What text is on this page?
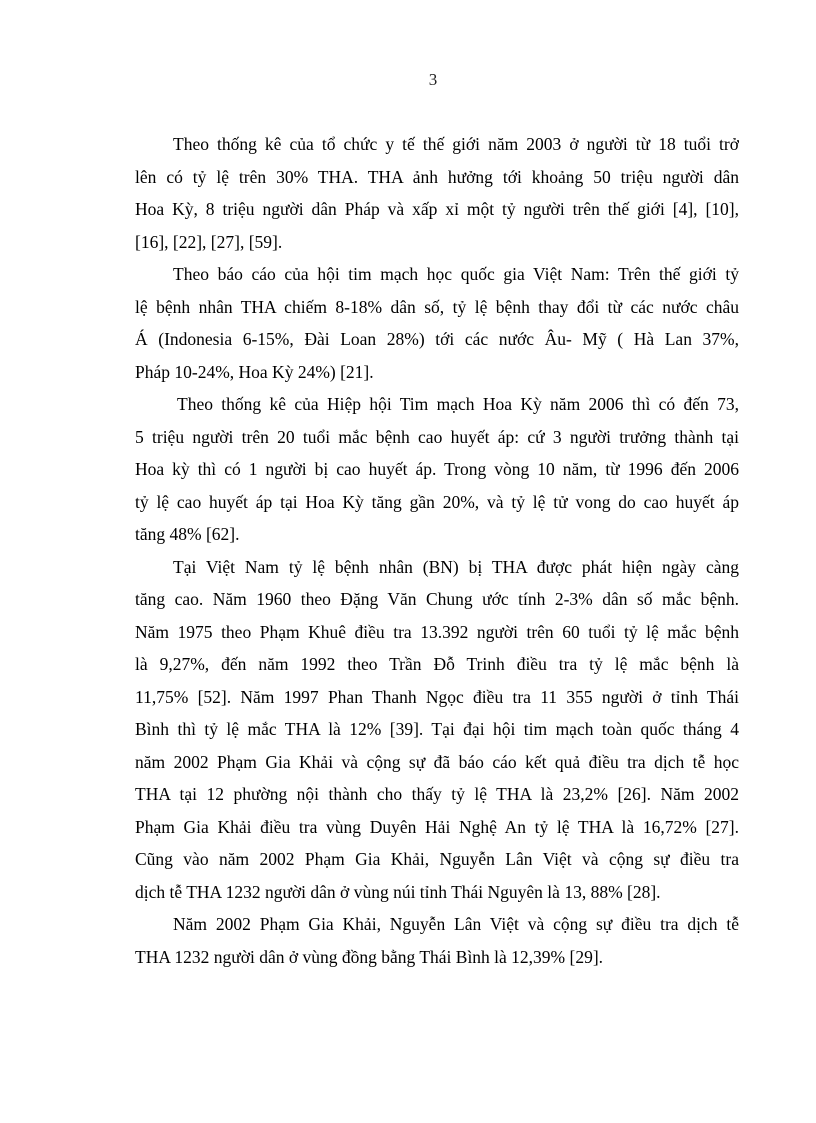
3
Theo thống kê của tổ chức y tế thế giới năm 2003 ở người từ 18 tuổi trở
lên có tỷ lệ trên 30% THA. THA ảnh hưởng tới khoảng 50 triệu người dân
Hoa Kỳ, 8 triệu người dân Pháp và xấp xỉ một tỷ người trên thế giới [4], [10],
[16], [22], [27], [59].
Theo báo cáo của hội tim mạch học quốc gia Việt Nam: Trên thế giới tỷ
lệ bệnh nhân THA chiếm 8-18% dân số, tỷ lệ bệnh thay đổi từ các nước châu
Á (Indonesia 6-15%, Đài Loan 28%) tới các nước Âu- Mỹ ( Hà Lan 37%,
Pháp 10-24%, Hoa Kỳ 24%) [21].
Theo thống kê của Hiệp hội Tim mạch Hoa Kỳ năm 2006 thì có đến 73,
5 triệu người trên 20 tuổi mắc bệnh cao huyết áp: cứ 3 người trưởng thành tại
Hoa kỳ thì có 1 người bị cao huyết áp. Trong vòng 10 năm, từ 1996 đến 2006
tỷ lệ cao huyết áp tại Hoa Kỳ tăng gần 20%, và tỷ lệ tử vong do cao huyết áp
tăng 48% [62].
Tại Việt Nam tỷ lệ bệnh nhân (BN) bị THA được phát hiện ngày càng
tăng cao. Năm 1960 theo Đặng Văn Chung ước tính 2-3% dân số mắc bệnh.
Năm 1975 theo Phạm Khuê điều tra 13.392 người trên 60 tuổi tỷ lệ mắc bệnh
là 9,27%, đến năm 1992 theo Trần Đỗ Trinh điều tra tỷ lệ mắc bệnh là
11,75% [52]. Năm 1997 Phan Thanh Ngọc điều tra 11 355 người ở tỉnh Thái
Bình thì tỷ lệ mắc THA là 12% [39]. Tại đại hội tim mạch toàn quốc tháng 4
năm 2002 Phạm Gia Khải và cộng sự đã báo cáo kết quả điều tra dịch tễ học
THA tại 12 phường nội thành cho thấy tỷ lệ THA là 23,2% [26]. Năm 2002
Phạm Gia Khải điều tra vùng Duyên Hải Nghệ An tỷ lệ THA là 16,72% [27].
Cũng vào năm 2002 Phạm Gia Khải, Nguyễn Lân Việt và cộng sự điều tra
dịch tễ THA 1232 người dân ở vùng núi tỉnh Thái Nguyên là 13, 88% [28].
Năm 2002 Phạm Gia Khải, Nguyễn Lân Việt và cộng sự điều tra dịch tễ
THA 1232 người dân ở vùng đồng bằng Thái Bình là 12,39% [29].
